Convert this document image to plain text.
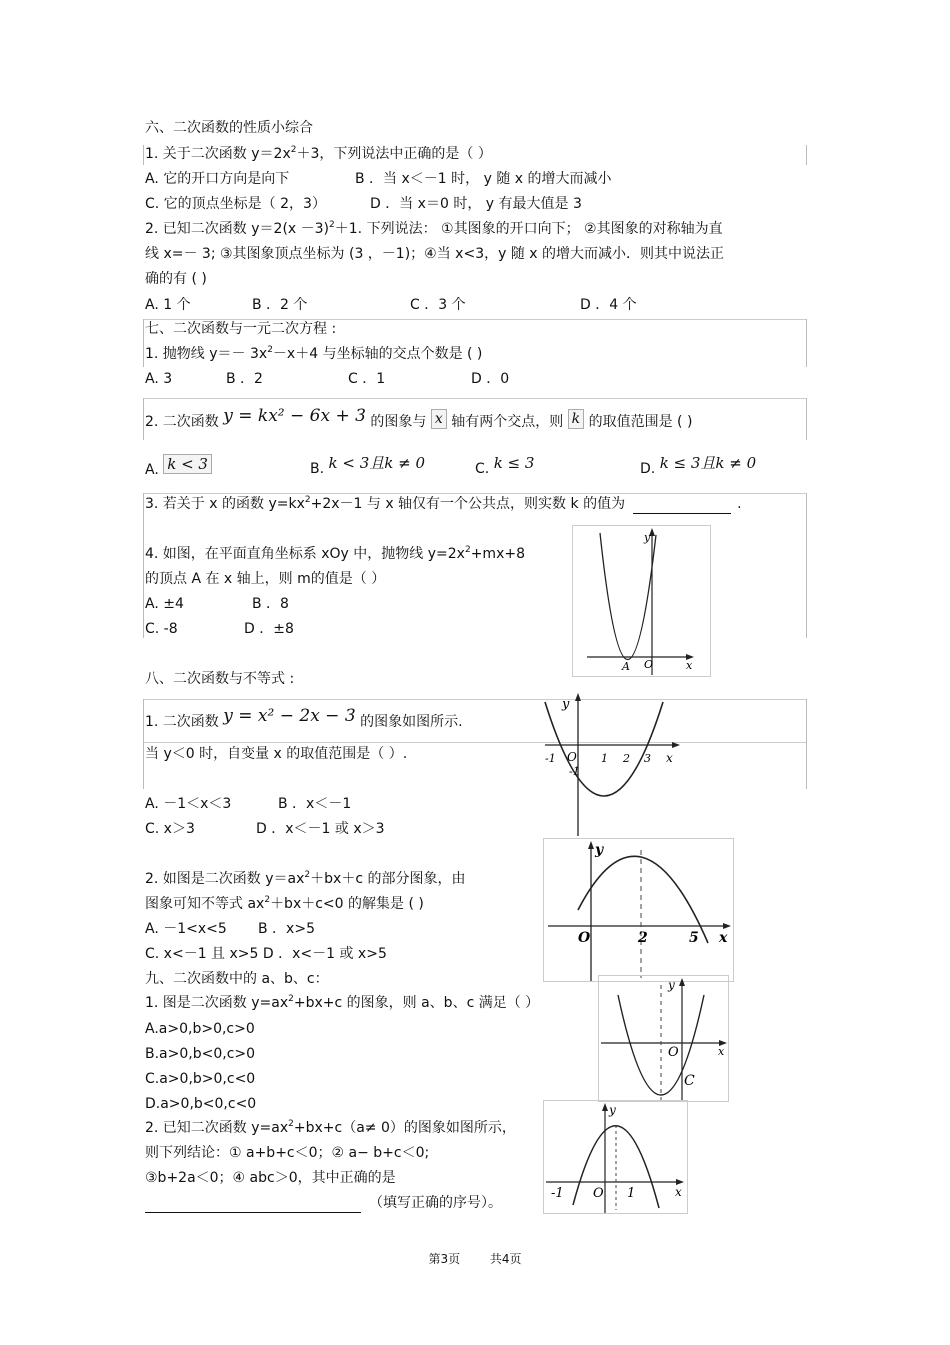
六、二次函数的性质小综合
1. 关于二次函数 $y=2x^2+3$，下列说法中正确的是（ ）
A. 它的开口方向是向下	B ．当 x＜－1 时， y 随 x 的增大而减小
C. 它的顶点坐标是（ 2，3）	D ．当 x＝0 时， y 有最大值是 3
2. 已知二次函数 $y=2(x -3)^2+1$. 下列说法： ①其图象的开口向下； ②其图象的对称轴为直
线 x=－ 3; ③其图象顶点坐标为 (3 ，－1)；④当 x<3，y 随 x 的增大而减小．则其中说法正
确的有 ( )
A. 1 个	B ．2 个	C ．3 个	D ．4 个
七、二次函数与一元二次方程 :
1. 抛物线 $y=- 3x^2-x+4$ 与坐标轴的交点个数是 ( )
A. 3	B ．2	C ．1	D ．0
2. 二次函数 y = kx² − 6x + 3 的图象与 x 轴有两个交点，则 k 的取值范围是 ( )
A. k < 3	B. k < 3且k ≠ 0	C. k ≤ 3	D. k ≤ 3且k ≠ 0
3. 若关于 x 的函数 $y=kx^2+2x-1$ 与 x 轴仅有一个公共点，则实数 k 的值为	.
4. 如图，在平面直角坐标系 xOy 中，抛物线 $y=2x^2+mx+8$
的顶点 A 在 x 轴上，则 m的值是（ ）
A. ±4	B ．8
C. -8	D ．±8
y
x
A O
八、二次函数与不等式 :
1. 二次函数 y = x² − 2x − 3 的图象如图所示.
当 y＜0 时，自变量 x 的取值范围是（ ）.
A. －1＜x＜3	B ．x＜－1
C. x＞3	D ．x＜－1 或 x＞3
y
x
-1 O
-1
1 2 3
2. 如图是二次函数 $y=ax^2+bx+c$ 的部分图象，由
图象可知不等式 $ax^2+bx+c<0$ 的解集是 ( )
A. －1<x<5 B ．x>5
C. x<－1 且 x>5 D ．x<－1 或 x>5
y
x
O	2	5
九、二次函数中的 a、b、c：
1. 图是二次函数 $y=ax^2+bx+c$ 的图象，则 a、b、c 满足（ ）
A.a>0,b>0,c>0
B.a>0,b<0,c>0
C.a>0,b>0,c<0
D.a>0,b<0,c<0
y
x
O
C
2. 已知二次函数 $y=ax^2+bx+c(a\ne 0)$的图象如图所示，
则下列结论：① a+b+c＜0；② a− b+c＜0;
③b+2a＜0；④ abc＞0，其中正确的是
（填写正确的序号）。
y
x
-1 O 1
第3页 共4页
